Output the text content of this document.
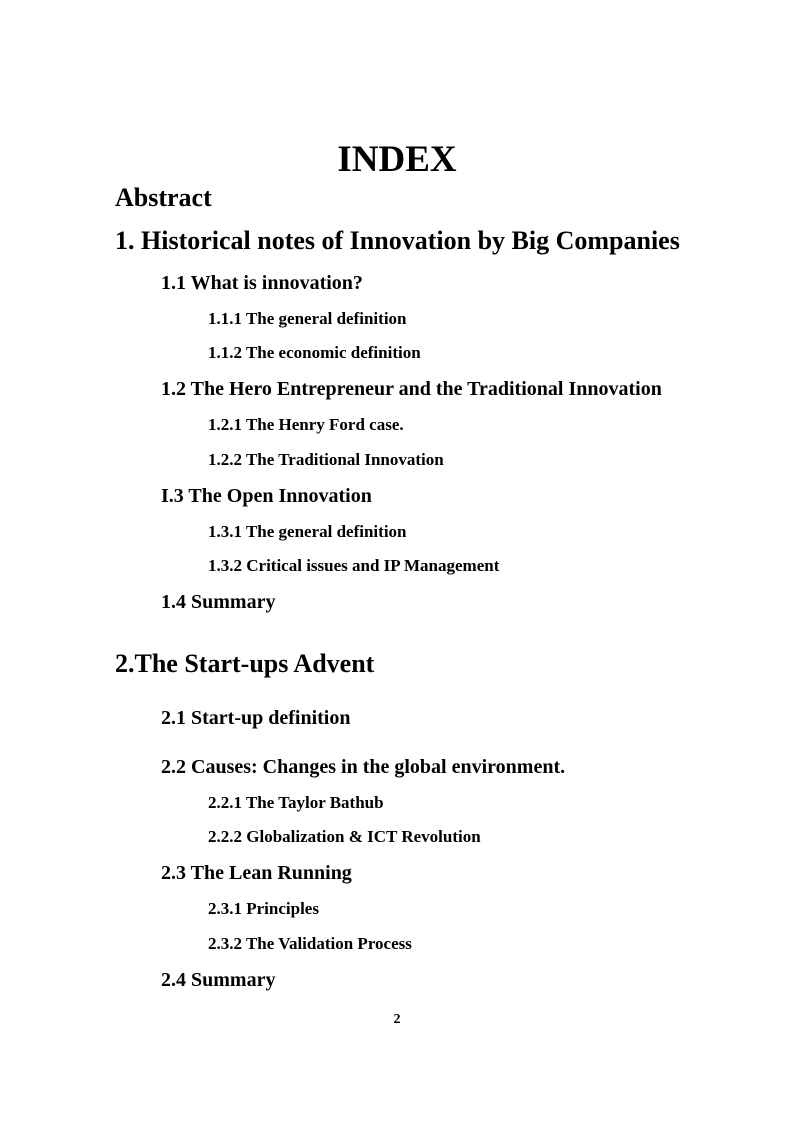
INDEX
Abstract
1. Historical notes of Innovation by Big Companies
1.1 What is innovation?
1.1.1 The general definition
1.1.2 The economic definition
1.2 The Hero Entrepreneur and the Traditional Innovation
1.2.1 The Henry Ford case.
1.2.2 The Traditional Innovation
I.3 The Open Innovation
1.3.1 The general definition
1.3.2 Critical issues and IP Management
1.4 Summary
2.The Start-ups Advent
2.1 Start-up definition
2.2 Causes: Changes in the global environment.
2.2.1 The Taylor Bathub
2.2.2 Globalization & ICT Revolution
2.3 The Lean Running
2.3.1 Principles
2.3.2 The Validation Process
2.4 Summary
2
